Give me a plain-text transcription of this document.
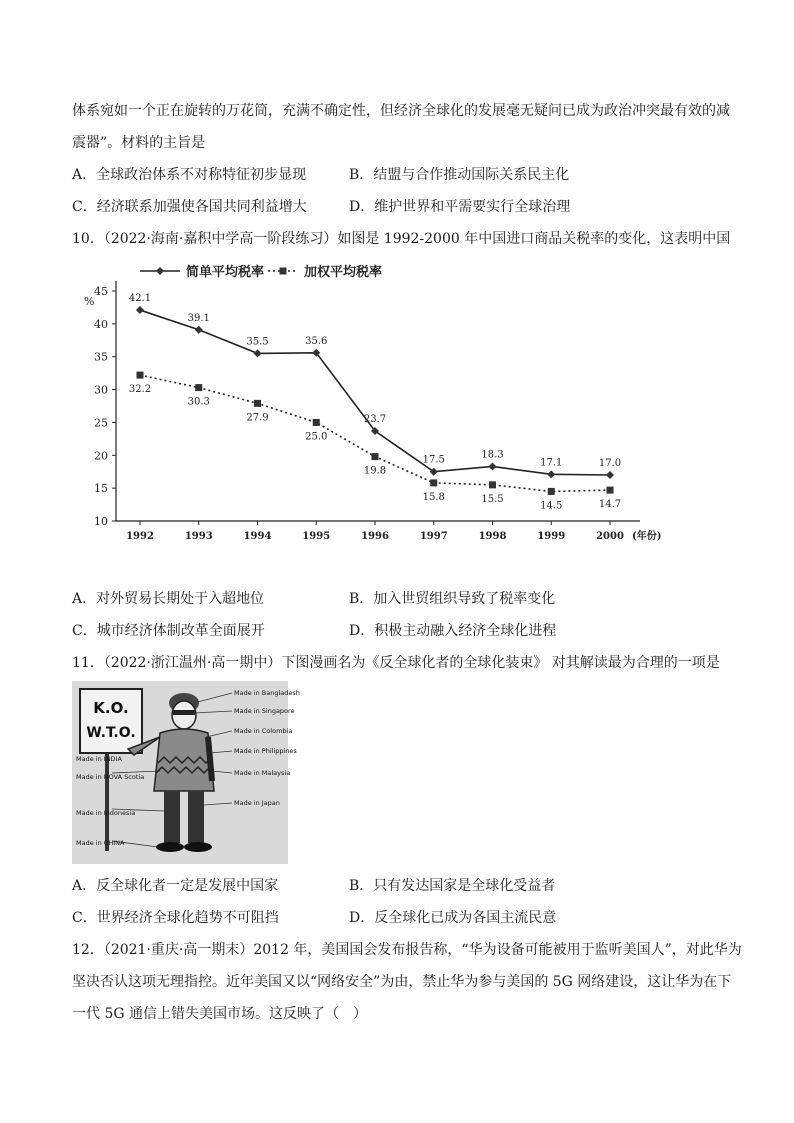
体系宛如一个正在旋转的万花筒，充满不确定性，但经济全球化的发展毫无疑问已成为政治冲突最有效的减
震器”。材料的主旨是
A．全球政治体系不对称特征初步显现	B．结盟与合作推动国际关系民主化
C．经济联系加强使各国共同利益增大	D．维护世界和平需要实行全球治理
10．（2022·海南·嘉积中学高一阶段练习）如图是 1992-2000 年中国进口商品关税率的变化，这表明中国
简单平均税率	加权平均税率
10
15
20
25
30
35
40
45
%
1992	1993	1994	1995	1996	1997	1998	1999	2000 (年份)
42.1
39.1
35.5	35.6
23.7
17.5	18.3
17.1	17.0
32.2
30.3
27.9
25.0
19.8
15.8	15.5
14.5	14.7
A．对外贸易长期处于入超地位	B．加入世贸组织导致了税率变化
C．城市经济体制改革全面展开	D．积极主动融入经济全球化进程
11．（2022·浙江温州·高一期中）下图漫画名为《反全球化者的全球化装束》 对其解读最为合理的一项是
K.O.
W.T.O.
Made in Bangladesh
Made in Singapore
Made in Colombia
Made in Philippines
Made in INDIA
Made in Malaysia
Made in NOVA Scotia
Made in Indonesia
Made in Japan
Made in CHINA
A．反全球化者一定是发展中国家	B．只有发达国家是全球化受益者
C．世界经济全球化趋势不可阻挡	D．反全球化已成为各国主流民意
12．（2021·重庆·高一期末）2012 年，美国国会发布报告称，“华为设备可能被用于监听美国人”，对此华为
坚决否认这项无理指控。近年美国又以“网络安全”为由，禁止华为参与美国的 5G 网络建设，这让华为在下
一代 5G 通信上错失美国市场。这反映了（　）
